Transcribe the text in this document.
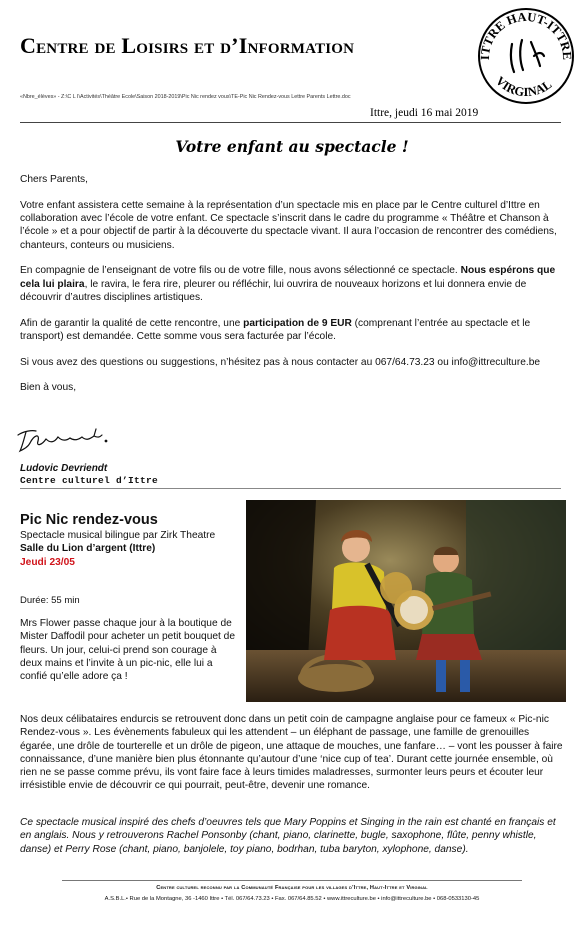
Centre de Loisirs et d’Information	ITTRE HAUT-ITTRE
VIRGINAL
«Nbre_élèves» - Z:\C L I\Activités\Théâtre Ecole\Saison 2018-2019\Pic Nic rendez vous\TE-Pic Nic Rendez-vous Lettre Parents Lettre.doc
Ittre, jeudi 16 mai 2019
Votre enfant au spectacle !

Chers Parents,

Votre enfant assistera cette semaine à la représentation d’un spectacle mis en place par le Centre culturel d’Ittre en collaboration avec l’école de votre enfant. Ce spectacle s’inscrit dans le cadre du programme « Théâtre et Chanson à l’école » et a pour objectif de partir à la découverte du spectacle vivant. Il aura l’occasion de rencontrer des comédiens, chanteurs, conteurs ou musiciens.

En compagnie de l’enseignant de votre fils ou de votre fille, nous avons sélectionné ce spectacle. Nous espérons que cela lui plaira, le ravira, le fera rire, pleurer ou réfléchir, lui ouvrira de nouveaux horizons et lui donnera envie de découvrir d’autres disciplines artistiques.

Afin de garantir la qualité de cette rencontre, une participation de 9 EUR (comprenant l’entrée au spectacle et le transport) est demandée. Cette somme vous sera facturée par l’école.

Si vous avez des questions ou suggestions, n’hésitez pas à nous contacter au 067/64.73.23 ou info@ittreculture.be

Bien à vous,

Ludovic Devriendt
Centre culturel d’Ittre
Pic Nic rendez-vous
Spectacle musical bilingue par Zirk Theatre
Salle du Lion d’argent (Ittre)
Jeudi 23/05
Durée: 55 min
Mrs Flower passe chaque jour à la boutique de Mister Daffodil pour acheter un petit bouquet de fleurs. Un jour, celui-ci prend son courage à deux mains et l’invite à un pic-nic, elle lui a confié qu’elle adore ça !
Nos deux célibataires endurcis se retrouvent donc dans un petit coin de campagne anglaise pour ce fameux « Pic-nic Rendez-vous ». Les évènements fabuleux qui les attendent – un éléphant de passage, une famille de grenouilles égarée, une drôle de tourterelle et un drôle de pigeon, une attaque de mouches, une fanfare… – vont les pousser à faire connaissance, d’une manière bien plus étonnante qu’autour d’une ‘nice cup of tea’. Durant cette journée ensemble, où rien ne se passe comme prévu, ils vont faire face à leurs timides maladresses, surmonter leurs peurs et écouter leur irrésistible envie de découvrir ce qui pourrait, peut-être, devenir une romance.
Ce spectacle musical inspiré des chefs d’oeuvres tels que Mary Poppins et Singing in the rain est chanté en français et en anglais. Nous y retrouverons Rachel Ponsonby (chant, piano, clarinette, bugle, saxophone, flûte, penny whistle, danse) et Perry Rose (chant, piano, banjolele, toy piano, bodrhan, tuba baryton, xylophone, danse).
Centre culturel reconnu par la Communauté Française pour les villages d’Ittre, Haut-Ittre et Virginal
A.S.B.L.• Rue de la Montagne, 36 -1460 Ittre • Tél. 067/64.73.23 • Fax. 067/64.85.52 • www.ittreculture.be • info@ittreculture.be • 068-0533130-45
